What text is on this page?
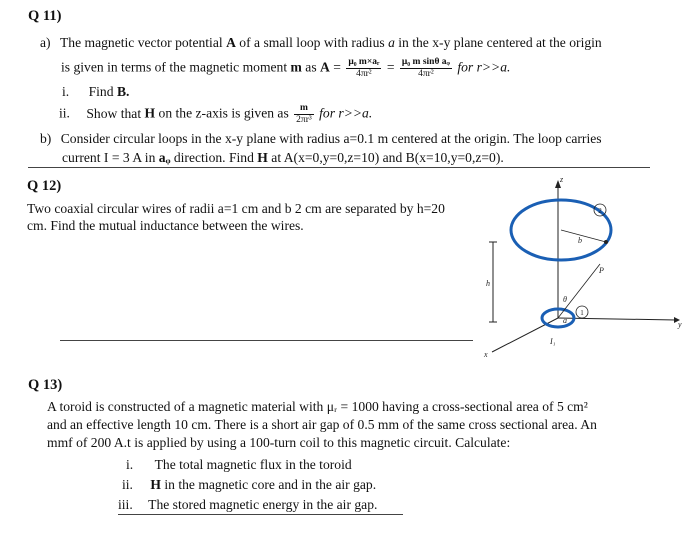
Q 11)
a) The magnetic vector potential A of a small loop with radius a in the x-y plane centered at the origin
is given in terms of the magnetic moment m as $A = \frac{\text{μ₀ m×aᵣ}}{\text{4πr²}} = \frac{\text{μ₀ m sinθ aᵩ}}{\text{4πr²}}$ for r>>a.
i. Find B.
ii. Show that H on the z-axis is given as $\frac{m}{\text{2πr³}}$ for r>>a.
b) Consider circular loops in the x-y plane with radius a=0.1 m centered at the origin. The loop carries
current I = 3 A in aᵩ direction. Find H at A(x=0,y=0,z=10) and B(x=10,y=0,z=0).
Q 12)
Two coaxial circular wires of radii a=1 cm and b 2 cm are separated by h=20
cm. Find the mutual inductance between the wires.
z
y
x
h
b
a
P
θ
I₁
2
1
Q 13)
A toroid is constructed of a magnetic material with μᵣ = 1000 having a cross-sectional area of 5 cm²
and an effective length 10 cm. There is a short air gap of 0.5 mm of the same cross sectional area. An
mmf of 200 A.t is applied by using a 100-turn coil to this magnetic circuit. Calculate:
i. The total magnetic flux in the toroid
ii. H in the magnetic core and in the air gap.
iii. The stored magnetic energy in the air gap.
